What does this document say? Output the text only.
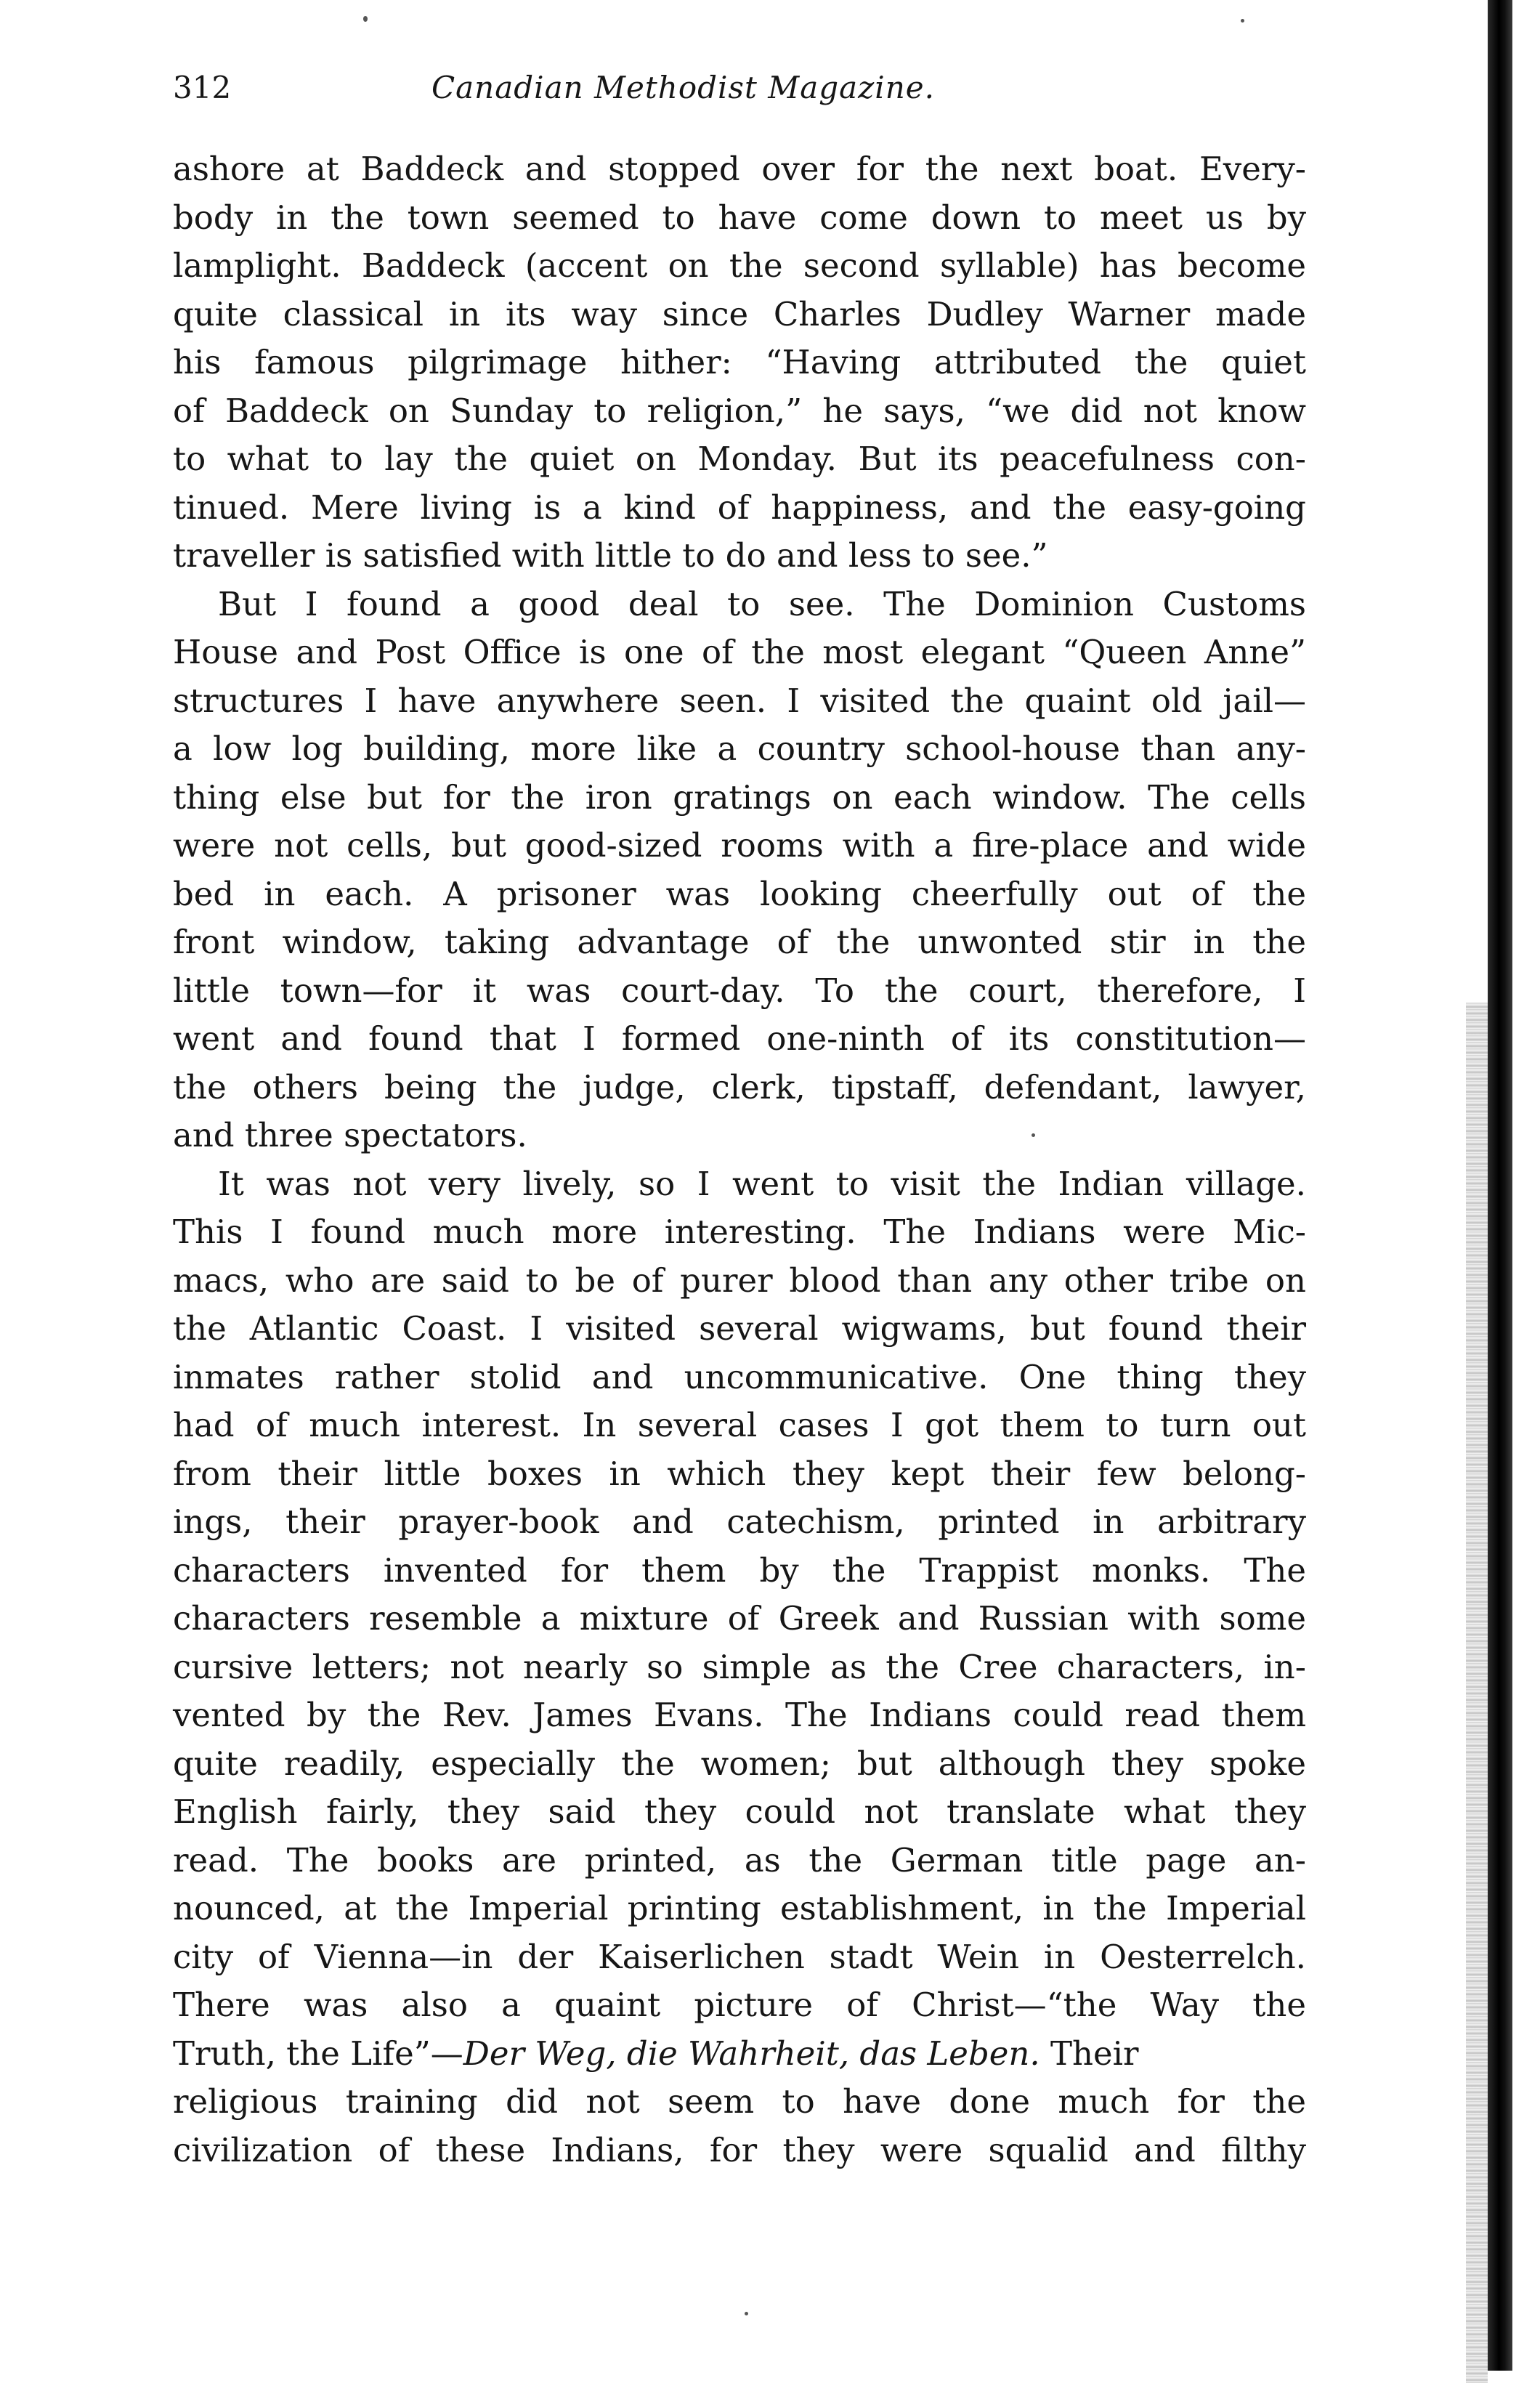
312	Canadian Methodist Magazine.
ashore at Baddeck and stopped over for the next boat. Every-
body in the town seemed to have come down to meet us by
lamplight. Baddeck (accent on the second syllable) has become
quite classical in its way since Charles Dudley Warner made
his famous pilgrimage hither: “Having attributed the quiet
of Baddeck on Sunday to religion,” he says, “we did not know
to what to lay the quiet on Monday. But its peacefulness con-
tinued. Mere living is a kind of happiness, and the easy-going
traveller is satisfied with little to do and less to see.”
But I found a good deal to see. The Dominion Customs
House and Post Office is one of the most elegant “Queen Anne”
structures I have anywhere seen. I visited the quaint old jail—
a low log building, more like a country school-house than any-
thing else but for the iron gratings on each window. The cells
were not cells, but good-sized rooms with a fire-place and wide
bed in each. A prisoner was looking cheerfully out of the
front window, taking advantage of the unwonted stir in the
little town—for it was court-day. To the court, therefore, I
went and found that I formed one-ninth of its constitution—
the others being the judge, clerk, tipstaff, defendant, lawyer,
and three spectators.
It was not very lively, so I went to visit the Indian village.
This I found much more interesting. The Indians were Mic-
macs, who are said to be of purer blood than any other tribe on
the Atlantic Coast. I visited several wigwams, but found their
inmates rather stolid and uncommunicative. One thing they
had of much interest. In several cases I got them to turn out
from their little boxes in which they kept their few belong-
ings, their prayer-book and catechism, printed in arbitrary
characters invented for them by the Trappist monks. The
characters resemble a mixture of Greek and Russian with some
cursive letters; not nearly so simple as the Cree characters, in-
vented by the Rev. James Evans. The Indians could read them
quite readily, especially the women; but although they spoke
English fairly, they said they could not translate what they
read. The books are printed, as the German title page an-
nounced, at the Imperial printing establishment, in the Imperial
city of Vienna—in der Kaiserlichen stadt Wein in Oesterrelch.
There was also a quaint picture of Christ—“the Way the
Truth, the Life”—Der Weg, die Wahrheit, das Leben. Their
religious training did not seem to have done much for the
civilization of these Indians, for they were squalid and filthy
